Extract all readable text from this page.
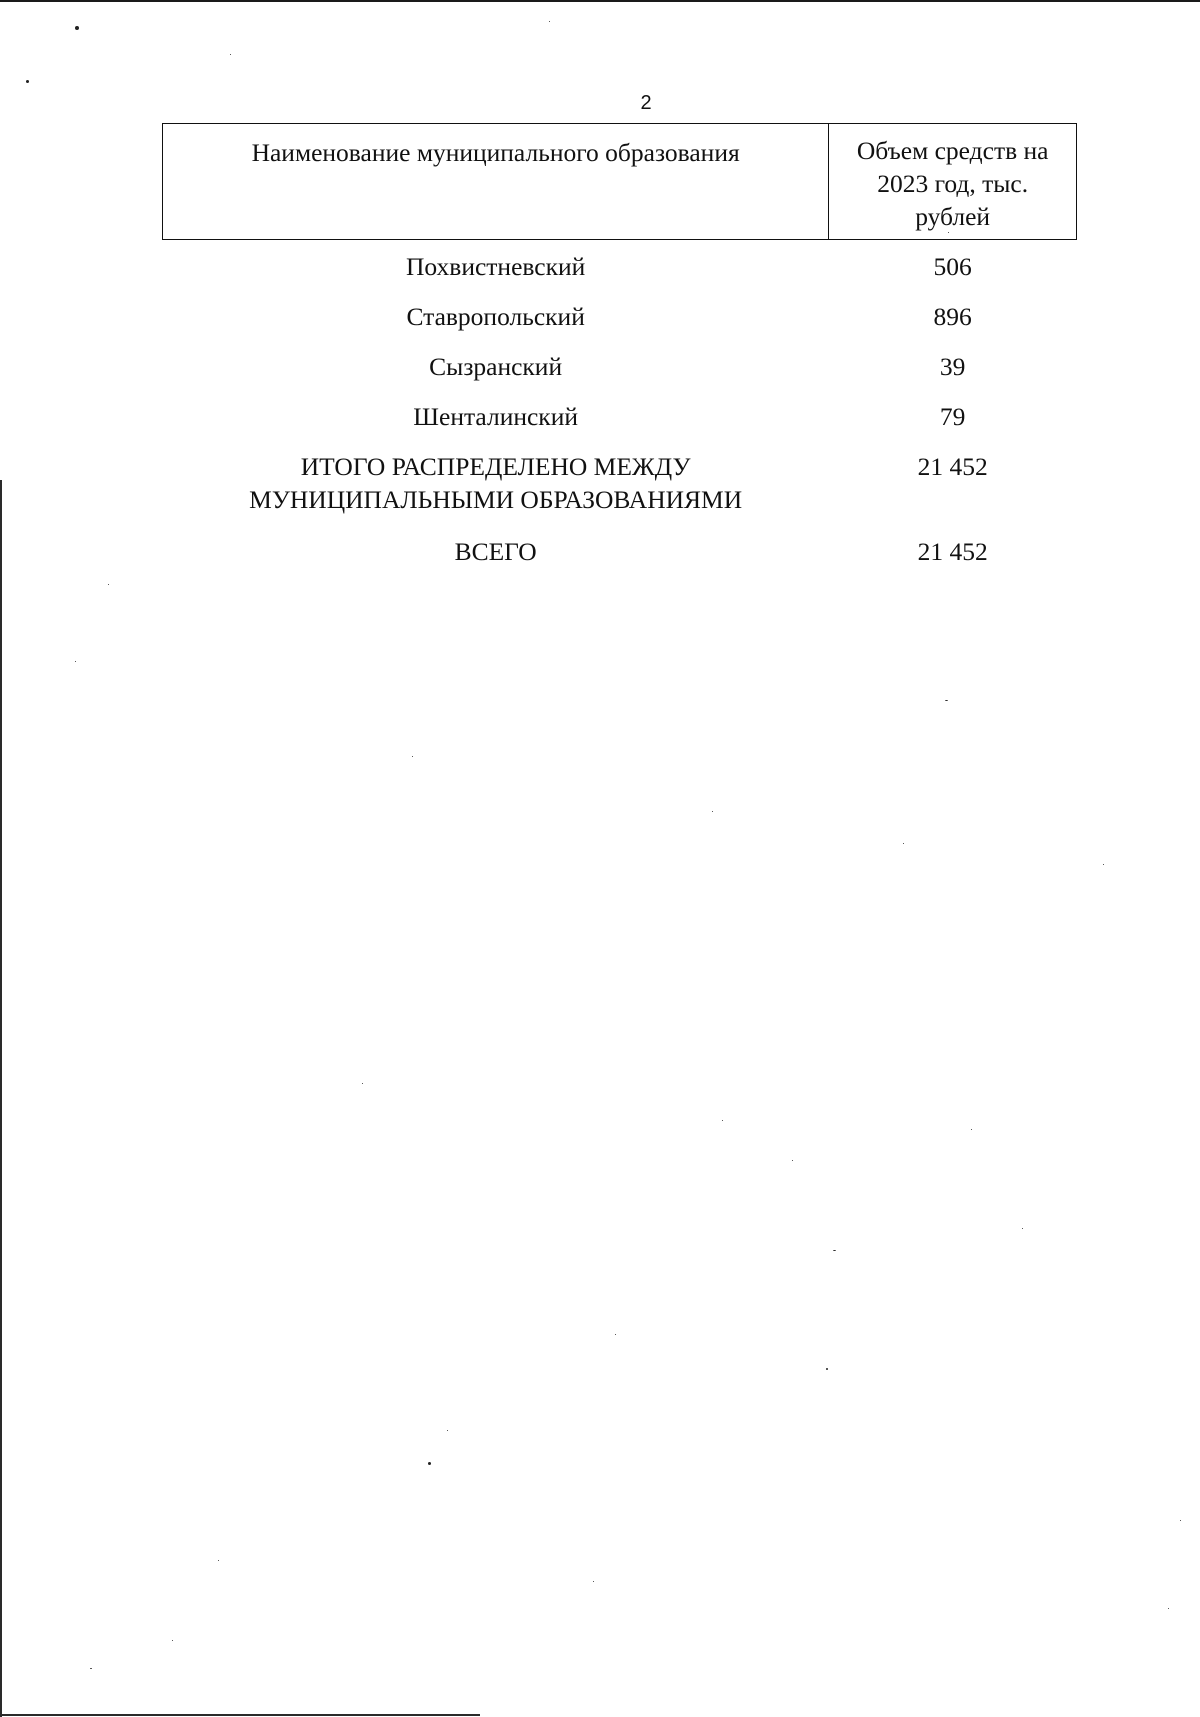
2
Наименование муниципального образования	Объем средств на 2023 год, тыс. рублей
Похвистневский	506
Ставропольский	896
Сызранский	39
Шенталинский	79
ИТОГО РАСПРЕДЕЛЕНО МЕЖДУ МУНИЦИПАЛЬНЫМИ ОБРАЗОВАНИЯМИ	21 452
ВСЕГО	21 452
